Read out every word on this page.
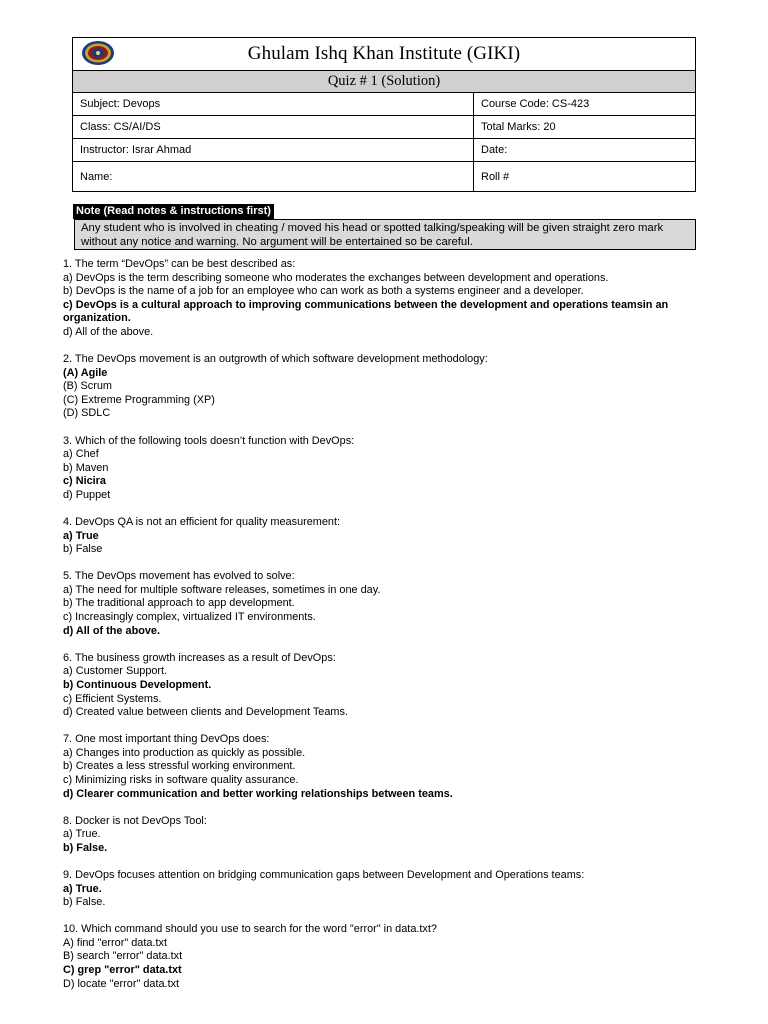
Ghulam Ishq Khan Institute (GIKI)
Quiz # 1 (Solution)
Subject: Devops	Course Code: CS-423
Class: CS/AI/DS	Total Marks: 20
Instructor: Israr Ahmad	Date:
Name:	Roll #
Note (Read notes & instructions first)
Any student who is involved in cheating / moved his head or spotted talking/speaking will be given straight zero mark without any notice and warning. No argument will be entertained so be careful.
1. The term “DevOps” can be best described as:
a) DevOps is the term describing someone who moderates the exchanges between development and operations.
b) DevOps is the name of a job for an employee who can work as both a systems engineer and a developer.
c) DevOps is a cultural approach to improving communications between the development and operations teamsin an organization.
d) All of the above.
2. The DevOps movement is an outgrowth of which software development methodology:
(A) Agile
(B) Scrum
(C) Extreme Programming (XP)
(D) SDLC
3. Which of the following tools doesn’t function with DevOps:
a) Chef
b) Maven
c) Nicira
d) Puppet
4. DevOps QA is not an efficient for quality measurement:
a) True
b) False
5. The DevOps movement has evolved to solve:
a) The need for multiple software releases, sometimes in one day.
b) The traditional approach to app development.
c) Increasingly complex, virtualized IT environments.
d) All of the above.
6. The business growth increases as a result of DevOps:
a) Customer Support.
b) Continuous Development.
c) Efficient Systems.
d) Created value between clients and Development Teams.
7. One most important thing DevOps does:
a) Changes into production as quickly as possible.
b) Creates a less stressful working environment.
c) Minimizing risks in software quality assurance.
d) Clearer communication and better working relationships between teams.
8. Docker is not DevOps Tool:
a) True.
b) False.
9. DevOps focuses attention on bridging communication gaps between Development and Operations teams:
a) True.
b) False.
10. Which command should you use to search for the word "error" in data.txt?
A) find "error" data.txt
B) search "error" data.txt
C) grep "error" data.txt
D) locate "error" data.txt
